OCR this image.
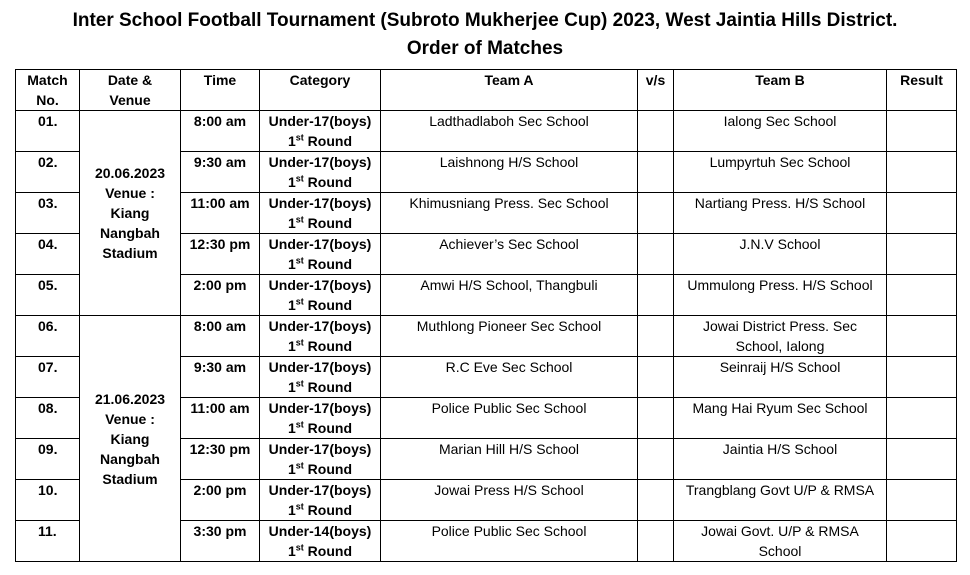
Inter School Football Tournament (Subroto Mukherjee Cup) 2023, West Jaintia Hills District.
Order of Matches
Match
No.	Date &
Venue	Time	Category	Team A	v/s	Team B	Result
01.	20.06.2023
Venue :
Kiang
Nangbah
Stadium	8:00 am	Under-17(boys)
1st Round	Ladthadlaboh Sec School		Ialong Sec School	
02.		9:30 am	Under-17(boys)
1st Round	Laishnong H/S School		Lumpyrtuh Sec School	
03.		11:00 am	Under-17(boys)
1st Round	Khimusniang Press. Sec School		Nartiang Press. H/S School	
04.		12:30 pm	Under-17(boys)
1st Round	Achiever’s Sec School		J.N.V School	
05.		2:00 pm	Under-17(boys)
1st Round	Amwi H/S School, Thangbuli		Ummulong Press. H/S School	
06.	21.06.2023
Venue :
Kiang
Nangbah
Stadium	8:00 am	Under-17(boys)
1st Round	Muthlong Pioneer Sec School		Jowai District Press. Sec
School, Ialong	
07.		9:30 am	Under-17(boys)
1st Round	R.C Eve Sec School		Seinraij H/S School	
08.		11:00 am	Under-17(boys)
1st Round	Police Public Sec School		Mang Hai Ryum Sec School	
09.		12:30 pm	Under-17(boys)
1st Round	Marian Hill H/S School		Jaintia H/S School	
10.		2:00 pm	Under-17(boys)
1st Round	Jowai Press H/S School		Trangblang Govt U/P & RMSA	
11.		3:30 pm	Under-14(boys)
1st Round	Police Public Sec School		Jowai Govt. U/P & RMSA
School	
